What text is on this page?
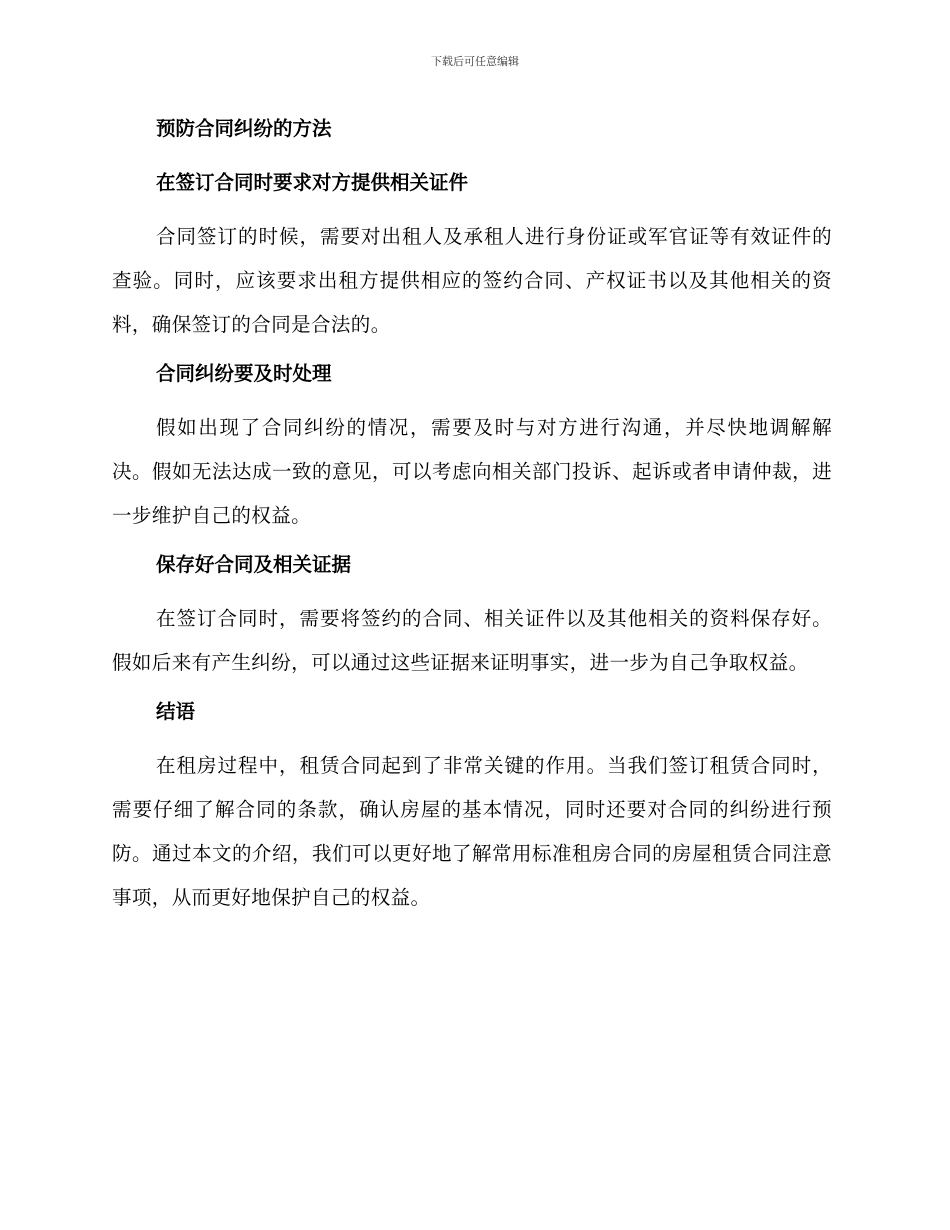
下载后可任意编辑
预防合同纠纷的方法
在签订合同时要求对方提供相关证件

合同签订的时候，需要对出租人及承租人进行身份证或军官证等有效证件的查验。同时，应该要求出租方提供相应的签约合同、产权证书以及其他相关的资料，确保签订的合同是合法的。

合同纠纷要及时处理

假如出现了合同纠纷的情况，需要及时与对方进行沟通，并尽快地调解解决。假如无法达成一致的意见，可以考虑向相关部门投诉、起诉或者申请仲裁，进一步维护自己的权益。

保存好合同及相关证据

在签订合同时，需要将签约的合同、相关证件以及其他相关的资料保存好。假如后来有产生纠纷，可以通过这些证据来证明事实，进一步为自己争取权益。

结语

在租房过程中，租赁合同起到了非常关键的作用。当我们签订租赁合同时，需要仔细了解合同的条款，确认房屋的基本情况，同时还要对合同的纠纷进行预防。通过本文的介绍，我们可以更好地了解常用标准租房合同的房屋租赁合同注意事项，从而更好地保护自己的权益。
